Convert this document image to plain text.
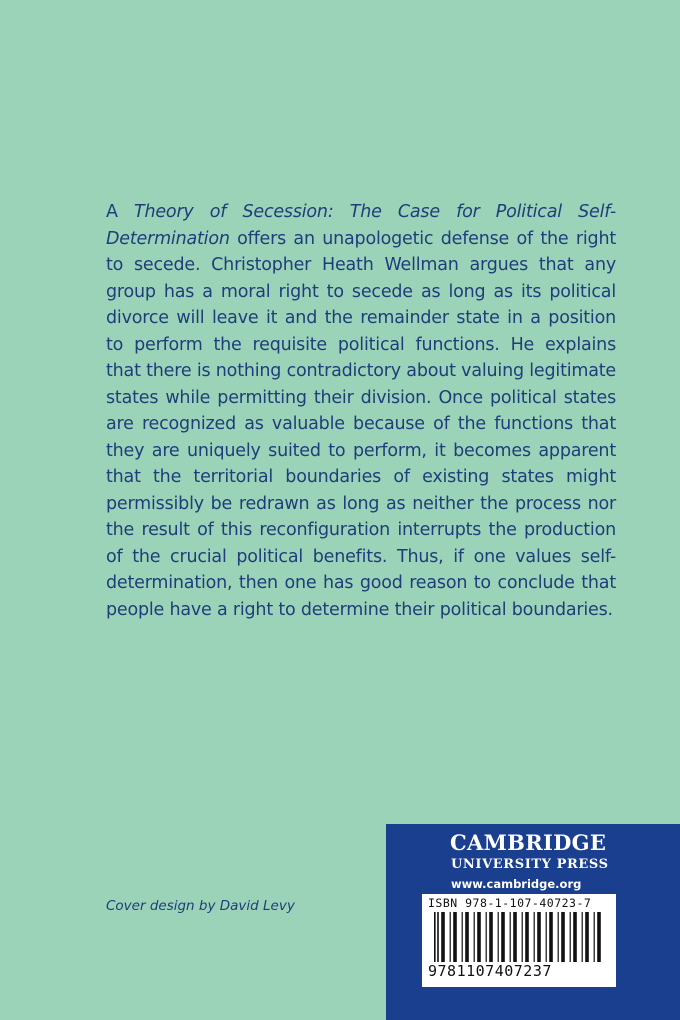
A Theory of Secession: The Case for Political Self-Determination offers an unapologetic defense of the right to secede. Christopher Heath Wellman argues that any group has a moral right to secede as long as its political divorce will leave it and the remainder state in a position to perform the requisite political functions. He explains that there is nothing contradictory about valuing legitimate states while permitting their division. Once political states are recognized as valuable because of the functions that they are uniquely suited to perform, it becomes apparent that the territorial boundaries of existing states might permissibly be redrawn as long as neither the process nor the result of this reconfiguration interrupts the production of the crucial political benefits. Thus, if one values self-determination, then one has good reason to conclude that people have a right to determine their political boundaries.
Cover design by David Levy
CAMBRIDGE
UNIVERSITY PRESS
www.cambridge.org
ISBN 978-1-107-40723-7
9781107407237
